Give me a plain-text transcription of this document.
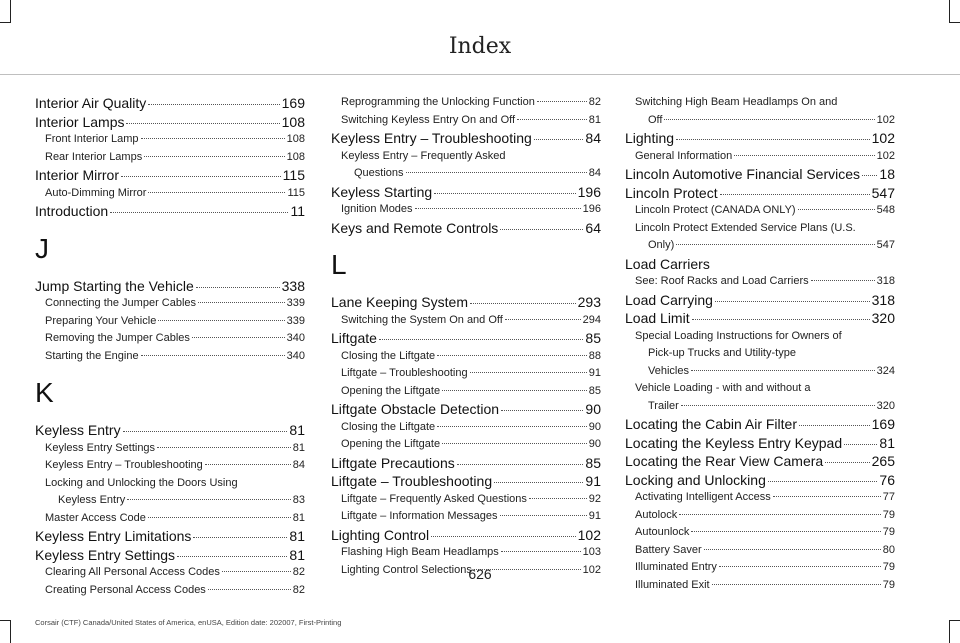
Index
Interior Air Quality	169
Interior Lamps	108
Front Interior Lamp	108
Rear Interior Lamps	108
Interior Mirror	115
Auto-Dimming Mirror	115
Introduction	11
J
Jump Starting the Vehicle	338
Connecting the Jumper Cables	339
Preparing Your Vehicle	339
Removing the Jumper Cables	340
Starting the Engine	340
K
Keyless Entry	81
Keyless Entry Settings	81
Keyless Entry – Troubleshooting	84
Locking and Unlocking the Doors Using
Keyless Entry	83
Master Access Code	81
Keyless Entry Limitations	81
Keyless Entry Settings	81
Clearing All Personal Access Codes	82
Creating Personal Access Codes	82
Reprogramming the Unlocking Function	82
Switching Keyless Entry On and Off	81
Keyless Entry – Troubleshooting	84
Keyless Entry – Frequently Asked
Questions	84
Keyless Starting	196
Ignition Modes	196
Keys and Remote Controls	64
L
Lane Keeping System	293
Switching the System On and Off	294
Liftgate	85
Closing the Liftgate	88
Liftgate – Troubleshooting	91
Opening the Liftgate	85
Liftgate Obstacle Detection	90
Closing the Liftgate	90
Opening the Liftgate	90
Liftgate Precautions	85
Liftgate – Troubleshooting	91
Liftgate – Frequently Asked Questions	92
Liftgate – Information Messages	91
Lighting Control	102
Flashing High Beam Headlamps	103
Lighting Control Selections	102
Switching High Beam Headlamps On and
Off	102
Lighting	102
General Information	102
Lincoln Automotive Financial Services 18
Lincoln Protect	547
Lincoln Protect (CANADA ONLY)	548
Lincoln Protect Extended Service Plans (U.S.
Only)	547
Load Carriers
See: Roof Racks and Load Carriers	318
Load Carrying	318
Load Limit	320
Special Loading Instructions for Owners of
Pick-up Trucks and Utility-type
Vehicles	324
Vehicle Loading - with and without a
Trailer	320
Locating the Cabin Air Filter	169
Locating the Keyless Entry Keypad	81
Locating the Rear View Camera	265
Locking and Unlocking	76
Activating Intelligent Access	77
Autolock	79
Autounlock	79
Battery Saver	80
Illuminated Entry	79
Illuminated Exit	79
626
Corsair (CTF) Canada/United States of America, enUSA, Edition date: 202007, First-Printing
